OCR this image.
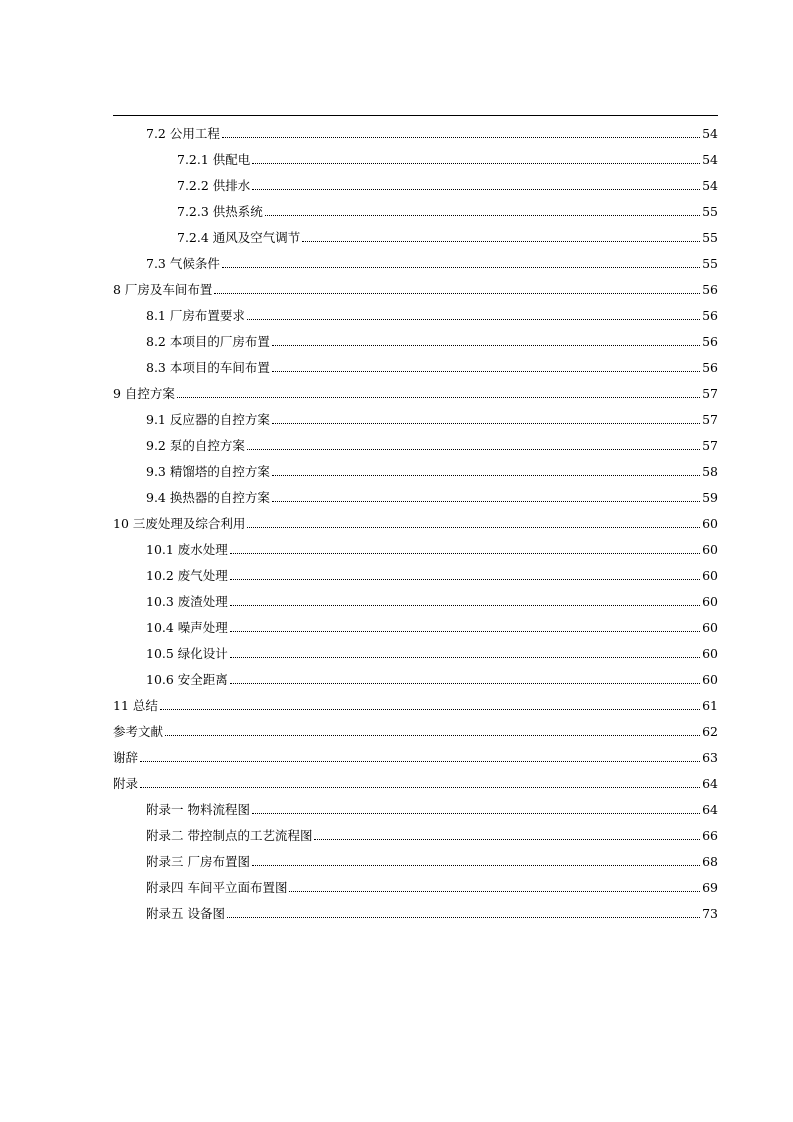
7.2 公用工程	54
7.2.1 供配电	54
7.2.2 供排水	54
7.2.3 供热系统	55
7.2.4 通风及空气调节	55
7.3 气候条件	55
8 厂房及车间布置	56
8.1 厂房布置要求	56
8.2 本项目的厂房布置	56
8.3 本项目的车间布置	56
9 自控方案	57
9.1 反应器的自控方案	57
9.2 泵的自控方案	57
9.3 精馏塔的自控方案	58
9.4 换热器的自控方案	59
10 三废处理及综合利用	60
10.1 废水处理	60
10.2 废气处理	60
10.3 废渣处理	60
10.4 噪声处理	60
10.5 绿化设计	60
10.6 安全距离	60
11 总结	61
参考文献	62
谢辞	63
附录	64
附录一 物料流程图	64
附录二 带控制点的工艺流程图	66
附录三 厂房布置图	68
附录四 车间平立面布置图	69
附录五 设备图	73
